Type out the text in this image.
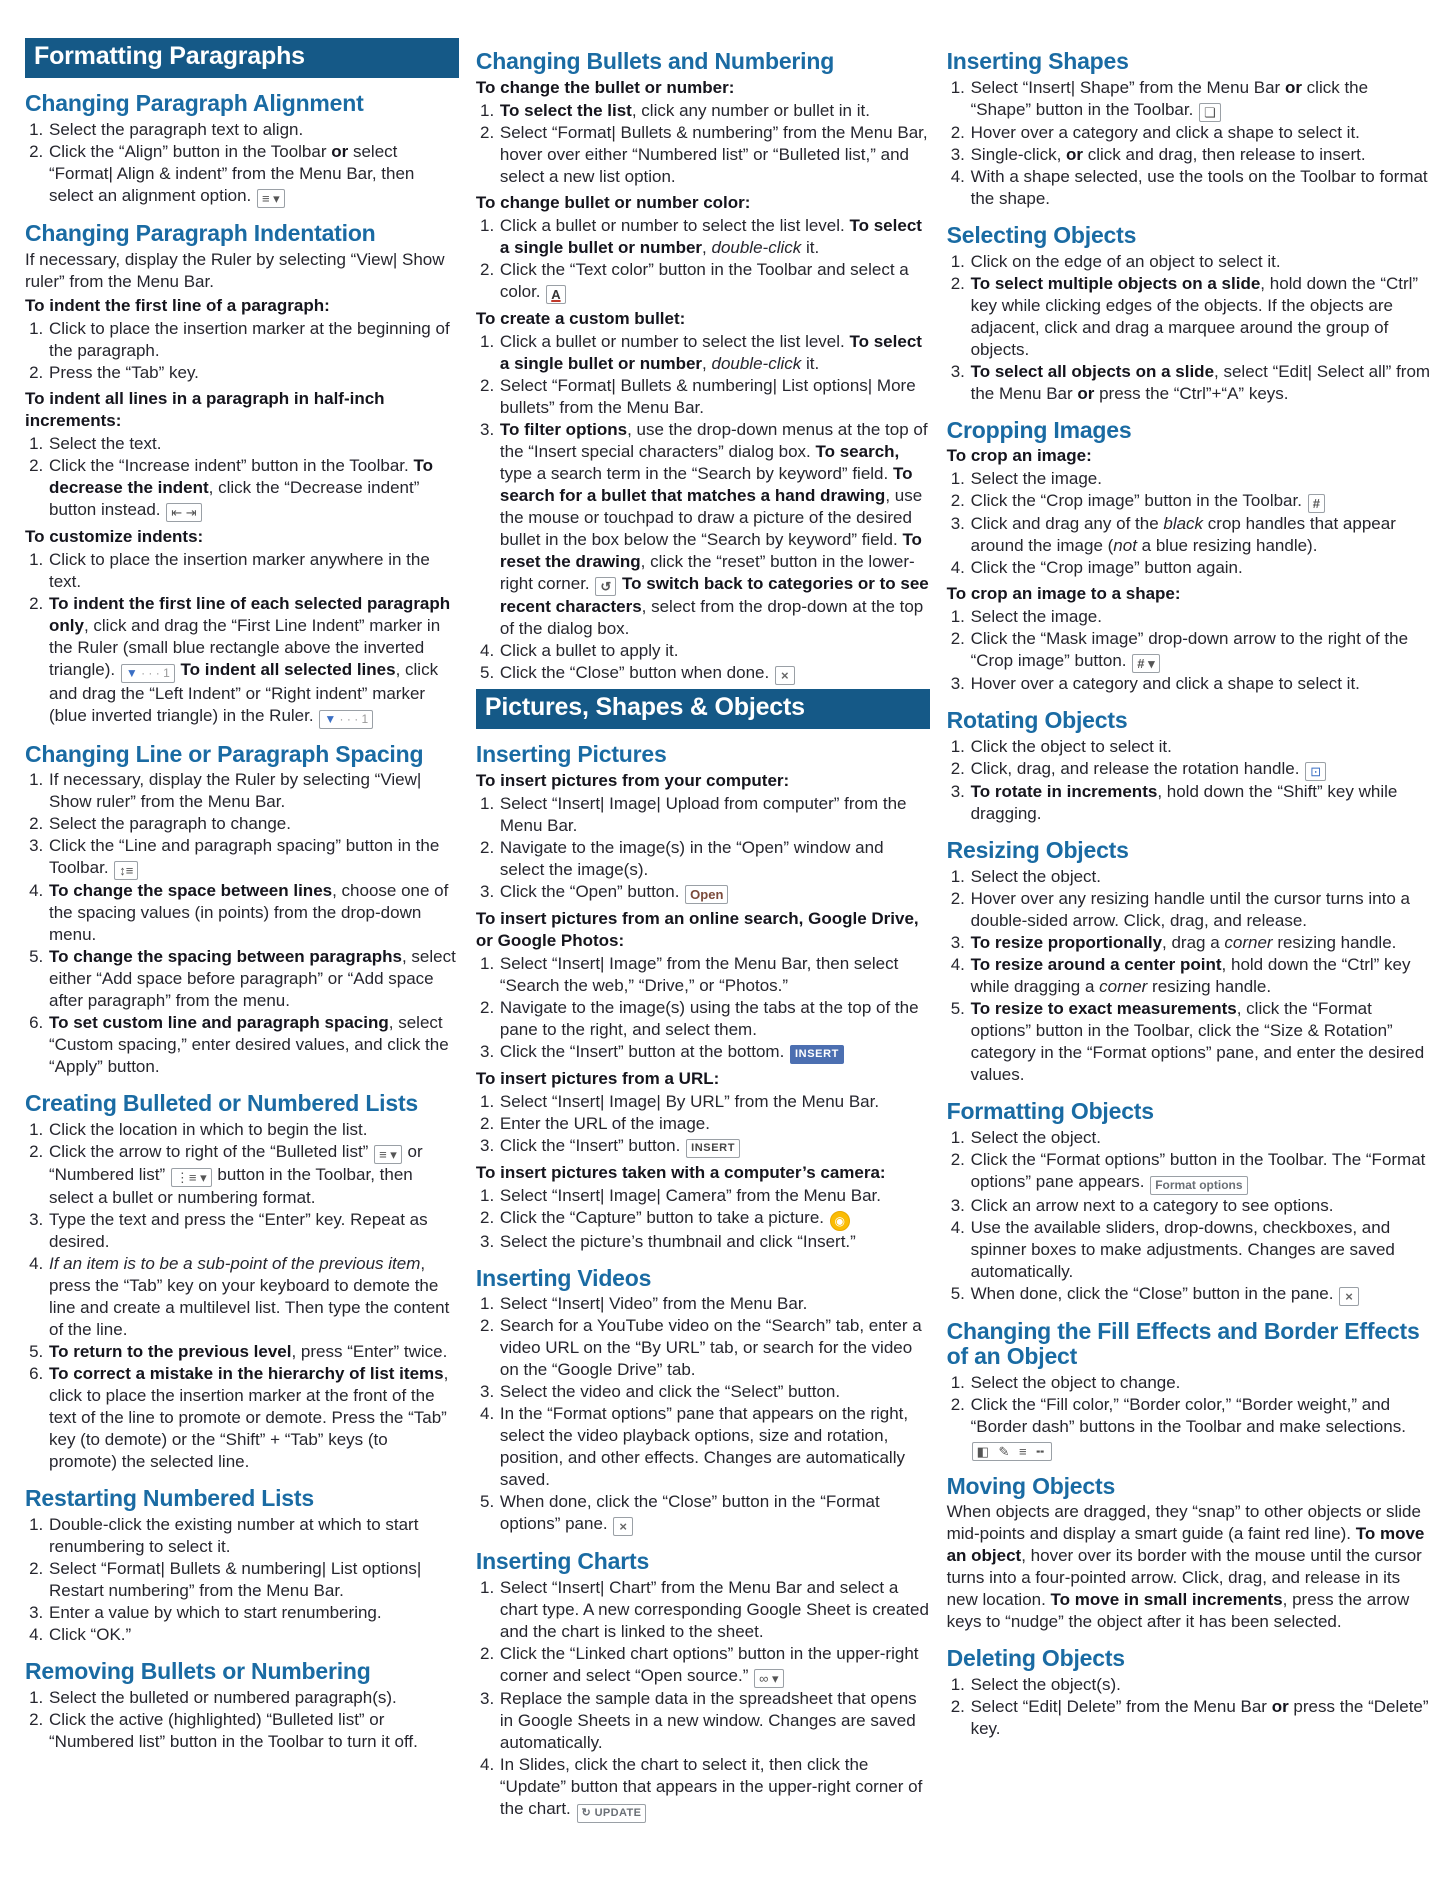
Formatting Paragraphs
Changing Paragraph Alignment
1. Select the paragraph text to align.
2. Click the “Align” button in the Toolbar or select “Format| Align & indent” from the Menu Bar, then select an alignment option. ≡ ▾
Changing Paragraph Indentation
If necessary, display the Ruler by selecting “View| Show ruler” from the Menu Bar.
To indent the first line of a paragraph:
1. Click to place the insertion marker at the beginning of the paragraph.
2. Press the “Tab” key.
To indent all lines in a paragraph in half-inch increments:
1. Select the text.
2. Click the “Increase indent” button in the Toolbar. To decrease the indent, click the “Decrease indent” button instead. ⇤ ⇥
To customize indents:
1. Click to place the insertion marker anywhere in the text.
2. To indent the first line of each selected paragraph only, click and drag the “First Line Indent” marker in the Ruler (small blue rectangle above the inverted triangle). ▼ · · · 1 To indent all selected lines, click and drag the “Left Indent” or “Right indent” marker (blue inverted triangle) in the Ruler. ▼ · · · 1
Changing Line or Paragraph Spacing
1. If necessary, display the Ruler by selecting “View| Show ruler” from the Menu Bar.
2. Select the paragraph to change.
3. Click the “Line and paragraph spacing” button in the Toolbar. ↕≡
4. To change the space between lines, choose one of the spacing values (in points) from the drop-down menu.
5. To change the spacing between paragraphs, select either “Add space before paragraph” or “Add space after paragraph” from the menu.
6. To set custom line and paragraph spacing, select “Custom spacing,” enter desired values, and click the “Apply” button.
Creating Bulleted or Numbered Lists
1. Click the location in which to begin the list.
2. Click the arrow to right of the “Bulleted list” ≡ ▾ or “Numbered list” ⋮≡ ▾ button in the Toolbar, then select a bullet or numbering format.
3. Type the text and press the “Enter” key. Repeat as desired.
4. If an item is to be a sub-point of the previous item, press the “Tab” key on your keyboard to demote the line and create a multilevel list. Then type the content of the line.
5. To return to the previous level, press “Enter” twice.
6. To correct a mistake in the hierarchy of list items, click to place the insertion marker at the front of the text of the line to promote or demote. Press the “Tab” key (to demote) or the “Shift” + “Tab” keys (to promote) the selected line.
Restarting Numbered Lists
1. Double-click the existing number at which to start renumbering to select it.
2. Select “Format| Bullets & numbering| List options| Restart numbering” from the Menu Bar.
3. Enter a value by which to start renumbering.
4. Click “OK.”
Removing Bullets or Numbering
1. Select the bulleted or numbered paragraph(s).
2. Click the active (highlighted) “Bulleted list” or “Numbered list” button in the Toolbar to turn it off.
Changing Bullets and Numbering
To change the bullet or number:
1. To select the list, click any number or bullet in it.
2. Select “Format| Bullets & numbering” from the Menu Bar, hover over either “Numbered list” or “Bulleted list,” and select a new list option.
To change bullet or number color:
1. Click a bullet or number to select the list level. To select a single bullet or number, double-click it.
2. Click the “Text color” button in the Toolbar and select a color. A
To create a custom bullet:
1. Click a bullet or number to select the list level. To select a single bullet or number, double-click it.
2. Select “Format| Bullets & numbering| List options| More bullets” from the Menu Bar.
3. To filter options, use the drop-down menus at the top of the “Insert special characters” dialog box. To search, type a search term in the “Search by keyword” field. To search for a bullet that matches a hand drawing, use the mouse or touchpad to draw a picture of the desired bullet in the box below the “Search by keyword” field. To reset the drawing, click the “reset” button in the lower-right corner. ↺ To switch back to categories or to see recent characters, select from the drop-down at the top of the dialog box.
4. Click a bullet to apply it.
5. Click the “Close” button when done. ×
Pictures, Shapes & Objects
Inserting Pictures
To insert pictures from your computer:
1. Select “Insert| Image| Upload from computer” from the Menu Bar.
2. Navigate to the image(s) in the “Open” window and select the image(s).
3. Click the “Open” button. Open
To insert pictures from an online search, Google Drive, or Google Photos:
1. Select “Insert| Image” from the Menu Bar, then select “Search the web,” “Drive,” or “Photos.”
2. Navigate to the image(s) using the tabs at the top of the pane to the right, and select them.
3. Click the “Insert” button at the bottom. INSERT
To insert pictures from a URL:
1. Select “Insert| Image| By URL” from the Menu Bar.
2. Enter the URL of the image.
3. Click the “Insert” button. INSERT
To insert pictures taken with a computer’s camera:
1. Select “Insert| Image| Camera” from the Menu Bar.
2. Click the “Capture” button to take a picture. ◉
3. Select the picture’s thumbnail and click “Insert.”
Inserting Videos
1. Select “Insert| Video” from the Menu Bar.
2. Search for a YouTube video on the “Search” tab, enter a video URL on the “By URL” tab, or search for the video on the “Google Drive” tab.
3. Select the video and click the “Select” button.
4. In the “Format options” pane that appears on the right, select the video playback options, size and rotation, position, and other effects. Changes are automatically saved.
5. When done, click the “Close” button in the “Format options” pane. ×
Inserting Charts
1. Select “Insert| Chart” from the Menu Bar and select a chart type. A new corresponding Google Sheet is created and the chart is linked to the sheet.
2. Click the “Linked chart options” button in the upper-right corner and select “Open source.” ∞ ▾
3. Replace the sample data in the spreadsheet that opens in Google Sheets in a new window. Changes are saved automatically.
4. In Slides, click the chart to select it, then click the “Update” button that appears in the upper-right corner of the chart. ↻ UPDATE
Inserting Shapes
1. Select “Insert| Shape” from the Menu Bar or click the “Shape” button in the Toolbar. ❏
2. Hover over a category and click a shape to select it.
3. Single-click, or click and drag, then release to insert.
4. With a shape selected, use the tools on the Toolbar to format the shape.
Selecting Objects
1. Click on the edge of an object to select it.
2. To select multiple objects on a slide, hold down the “Ctrl” key while clicking edges of the objects. If the objects are adjacent, click and drag a marquee around the group of objects.
3. To select all objects on a slide, select “Edit| Select all” from the Menu Bar or press the “Ctrl”+“A” keys.
Cropping Images
To crop an image:
1. Select the image.
2. Click the “Crop image” button in the Toolbar. #
3. Click and drag any of the black crop handles that appear around the image (not a blue resizing handle).
4. Click the “Crop image” button again.
To crop an image to a shape:
1. Select the image.
2. Click the “Mask image” drop-down arrow to the right of the “Crop image” button. # ▾
3. Hover over a category and click a shape to select it.
Rotating Objects
1. Click the object to select it.
2. Click, drag, and release the rotation handle. ⊡
3. To rotate in increments, hold down the “Shift” key while dragging.
Resizing Objects
1. Select the object.
2. Hover over any resizing handle until the cursor turns into a double-sided arrow. Click, drag, and release.
3. To resize proportionally, drag a corner resizing handle.
4. To resize around a center point, hold down the “Ctrl” key while dragging a corner resizing handle.
5. To resize to exact measurements, click the “Format options” button in the Toolbar, click the “Size & Rotation” category in the “Format options” pane, and enter the desired values.
Formatting Objects
1. Select the object.
2. Click the “Format options” button in the Toolbar. The “Format options” pane appears. Format options
3. Click an arrow next to a category to see options.
4. Use the available sliders, drop-downs, checkboxes, and spinner boxes to make adjustments. Changes are saved automatically.
5. When done, click the “Close” button in the pane. ×
Changing the Fill Effects and Border Effects of an Object
1. Select the object to change.
2. Click the “Fill color,” “Border color,” “Border weight,” and “Border dash” buttons in the Toolbar and make selections. ◧ ✎ ≡ ╍
Moving Objects
When objects are dragged, they “snap” to other objects or slide mid-points and display a smart guide (a faint red line). To move an object, hover over its border with the mouse until the cursor turns into a four-pointed arrow. Click, drag, and release in its new location. To move in small increments, press the arrow keys to “nudge” the object after it has been selected.
Deleting Objects
1. Select the object(s).
2. Select “Edit| Delete” from the Menu Bar or press the “Delete” key.
